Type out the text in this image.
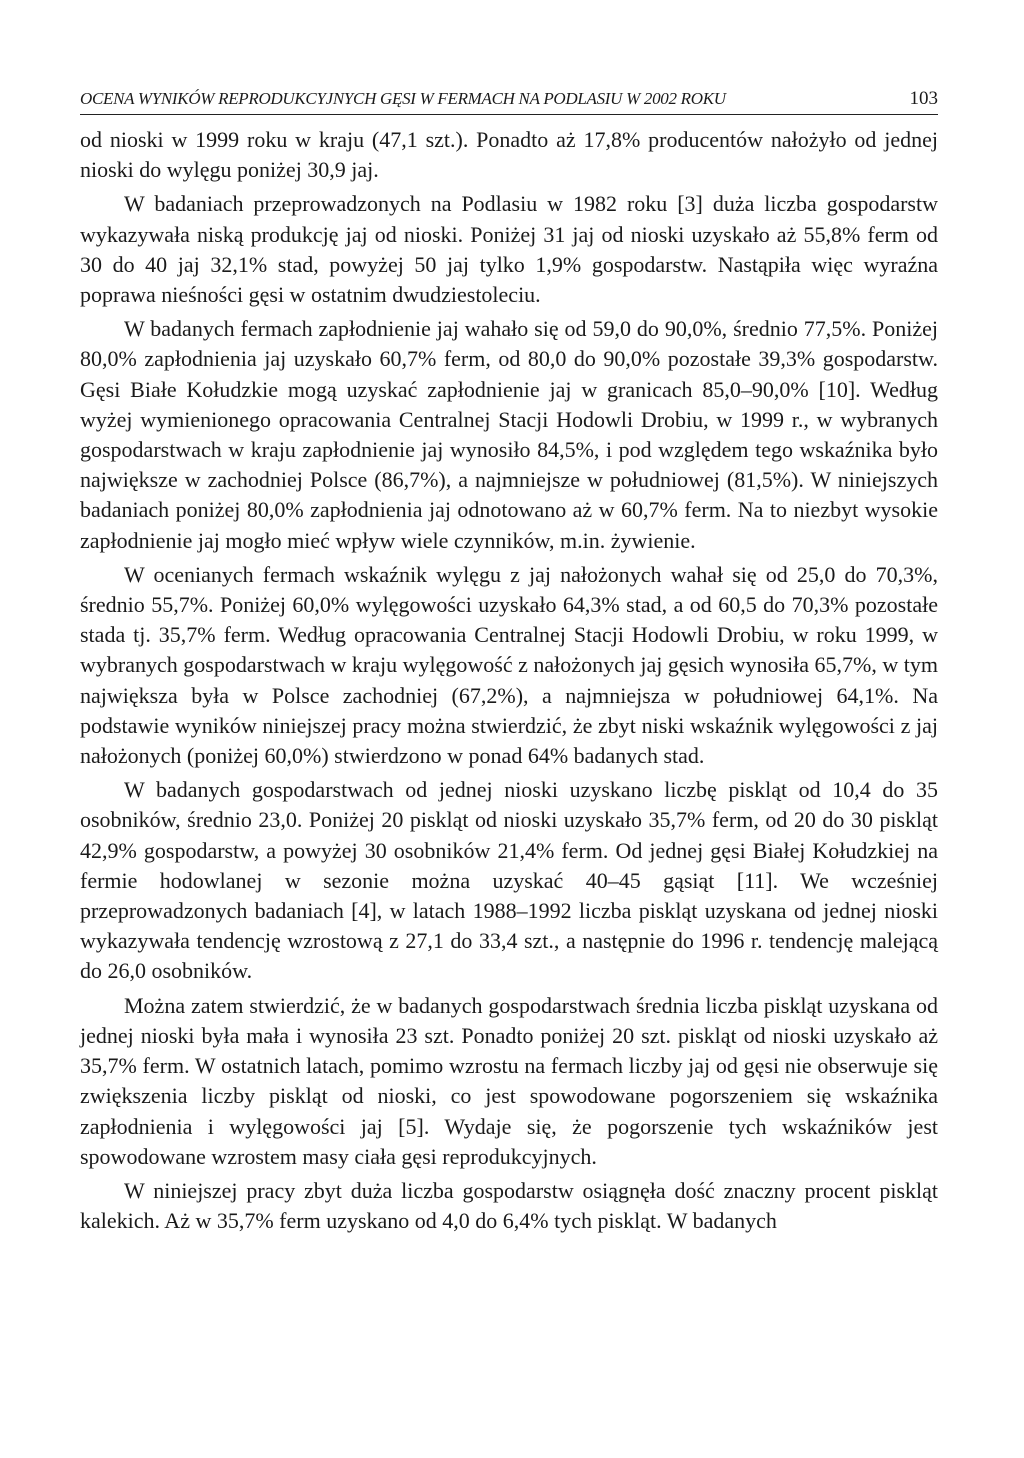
OCENA WYNIKÓW REPRODUKCYJNYCH GĘSI W FERMACH NA PODLASIU W 2002 ROKU	103

od nioski w 1999 roku w kraju (47,1 szt.). Ponadto aż 17,8% producentów nałożyło od jednej nioski do wylęgu poniżej 30,9 jaj.

W badaniach przeprowadzonych na Podlasiu w 1982 roku [3] duża liczba gospodarstw wykazywała niską produkcję jaj od nioski. Poniżej 31 jaj od nioski uzyskało aż 55,8% ferm od 30 do 40 jaj 32,1% stad, powyżej 50 jaj tylko 1,9% gospodarstw. Nastąpiła więc wyraźna poprawa nieśności gęsi w ostatnim dwudziestoleciu.

W badanych fermach zapłodnienie jaj wahało się od 59,0 do 90,0%, średnio 77,5%. Poniżej 80,0% zapłodnienia jaj uzyskało 60,7% ferm, od 80,0 do 90,0% pozostałe 39,3% gospodarstw. Gęsi Białe Kołudzkie mogą uzyskać zapłodnienie jaj w granicach 85,0–90,0% [10]. Według wyżej wymienionego opracowania Centralnej Stacji Hodowli Drobiu, w 1999 r., w wybranych gospodarstwach w kraju zapłodnienie jaj wynosiło 84,5%, i pod względem tego wskaźnika było największe w zachodniej Polsce (86,7%), a najmniejsze w południowej (81,5%). W niniejszych badaniach poniżej 80,0% zapłodnienia jaj odnotowano aż w 60,7% ferm. Na to niezbyt wysokie zapłodnienie jaj mogło mieć wpływ wiele czynników, m.in. żywienie.

W ocenianych fermach wskaźnik wylęgu z jaj nałożonych wahał się od 25,0 do 70,3%, średnio 55,7%. Poniżej 60,0% wylęgowości uzyskało 64,3% stad, a od 60,5 do 70,3% pozostałe stada tj. 35,7% ferm. Według opracowania Centralnej Stacji Hodowli Drobiu, w roku 1999, w wybranych gospodarstwach w kraju wylęgowość z nałożonych jaj gęsich wynosiła 65,7%, w tym największa była w Polsce zachodniej (67,2%), a najmniejsza w południowej 64,1%. Na podstawie wyników niniejszej pracy można stwierdzić, że zbyt niski wskaźnik wylęgowości z jaj nałożonych (poniżej 60,0%) stwierdzono w ponad 64% badanych stad.

W badanych gospodarstwach od jednej nioski uzyskano liczbę piskląt od 10,4 do 35 osobników, średnio 23,0. Poniżej 20 piskląt od nioski uzyskało 35,7% ferm, od 20 do 30 piskląt 42,9% gospodarstw, a powyżej 30 osobników 21,4% ferm. Od jednej gęsi Białej Kołudzkiej na fermie hodowlanej w sezonie można uzyskać 40–45 gąsiąt [11]. We wcześniej przeprowadzonych badaniach [4], w latach 1988–1992 liczba piskląt uzyskana od jednej nioski wykazywała tendencję wzrostową z 27,1 do 33,4 szt., a następnie do 1996 r. tendencję malejącą do 26,0 osobników.

Można zatem stwierdzić, że w badanych gospodarstwach średnia liczba piskląt uzyskana od jednej nioski była mała i wynosiła 23 szt. Ponadto poniżej 20 szt. piskląt od nioski uzyskało aż 35,7% ferm. W ostatnich latach, pomimo wzrostu na fermach liczby jaj od gęsi nie obserwuje się zwiększenia liczby piskląt od nioski, co jest spowodowane pogorszeniem się wskaźnika zapłodnienia i wylęgowości jaj [5]. Wydaje się, że pogorszenie tych wskaźników jest spowodowane wzrostem masy ciała gęsi reprodukcyjnych.

W niniejszej pracy zbyt duża liczba gospodarstw osiągnęła dość znaczny procent piskląt kalekich. Aż w 35,7% ferm uzyskano od 4,0 do 6,4% tych piskląt. W badanych
